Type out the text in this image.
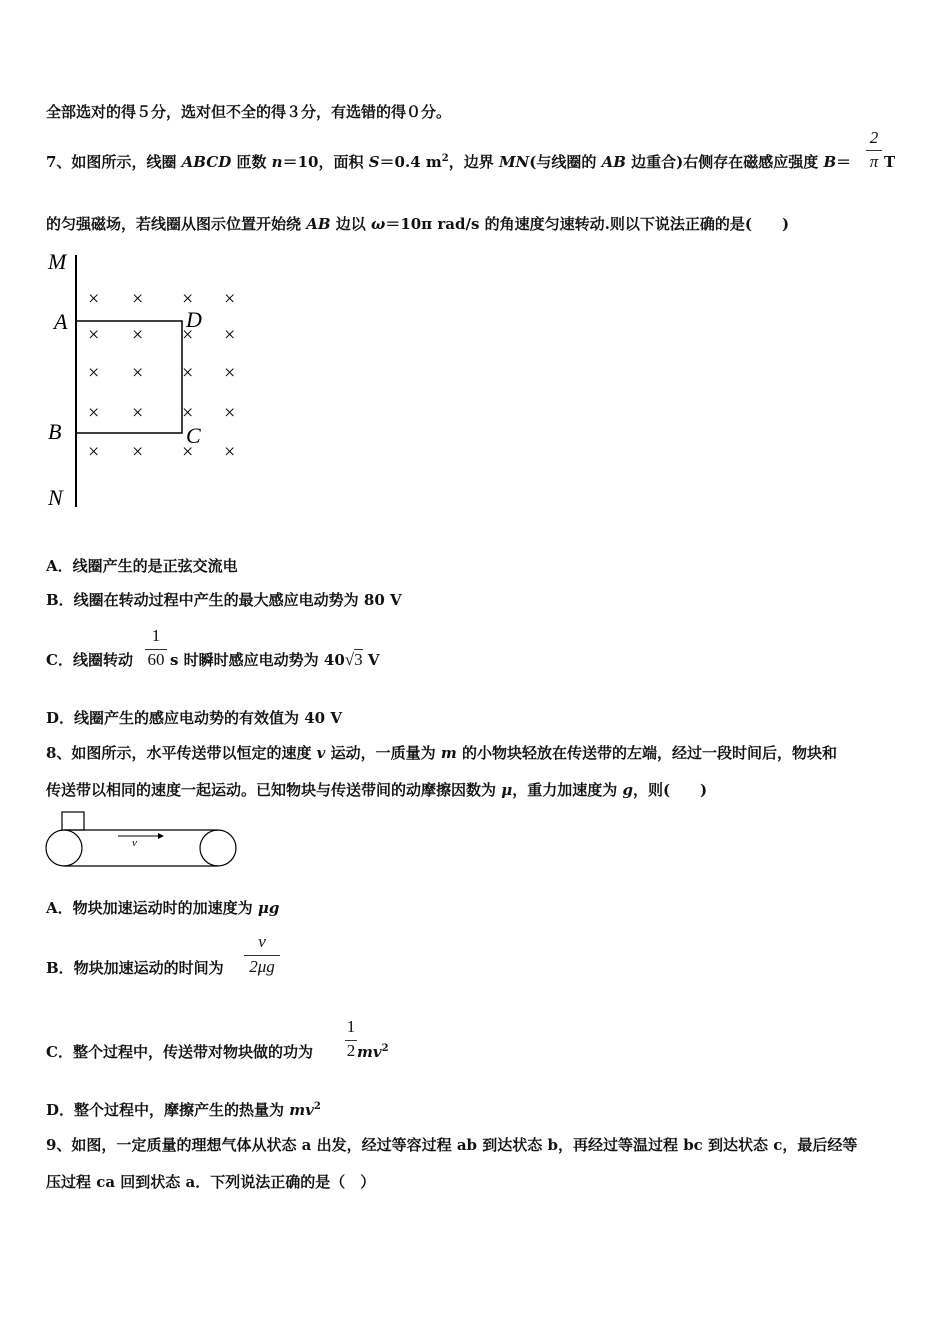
全部选对的得５分，选对但不全的得３分，有选错的得０分。
7、如图所示，线圈 ABCD 匝数 n＝10，面积 S＝0.4 $m^2$，边界 MN(与线圈的 AB 边重合)右侧存在磁感应强度 B＝
2
π T
的匀强磁场，若线圈从图示位置开始绕 AB 边以 ω＝10π rad/s 的角速度匀速转动.则以下说法正确的是(　　)
M
A
B
N
D
C
× × × ×
× × × ×
× × × ×
× × × ×
× × × ×
A．线圈产生的是正弦交流电
B．线圈在转动过程中产生的最大感应电动势为 80 V
C．线圈转动
1
60 s 时瞬时感应电动势为 40√3 V
D．线圈产生的感应电动势的有效值为 40 V
8、如图所示，水平传送带以恒定的速度 v 运动，一质量为 m 的小物块轻放在传送带的左端，经过一段时间后，物块和
传送带以相同的速度一起运动。已知物块与传送带间的动摩擦因数为 μ，重力加速度为 g，则(　　)
v
A．物块加速运动时的加速度为 μg
B．物块加速运动的时间为
v
2μg
C．整个过程中，传送带对物块做的功为
1
2 $mv^2$
D．整个过程中，摩擦产生的热量为 $mv^2$
9、如图，一定质量的理想气体从状态 a 出发，经过等容过程 ab 到达状态 b，再经过等温过程 bc 到达状态 c，最后经等
压过程 ca 回到状态 a．下列说法正确的是（　）
